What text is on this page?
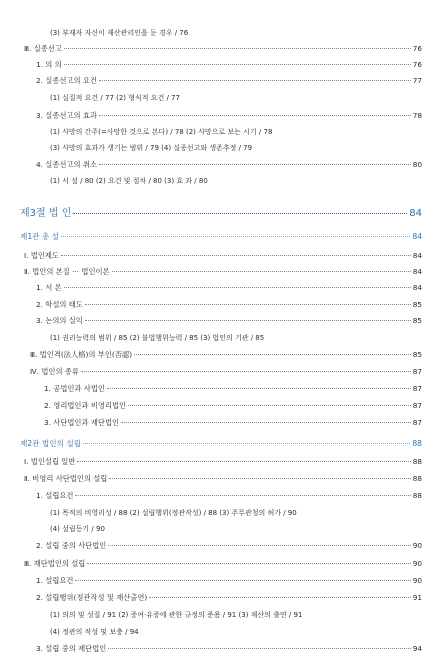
(3) 부재자 자신이 재산관리인을 둔 경우 / 76
Ⅲ. 실종선고	76
1. 의 의	76
2. 실종선고의 요건	77
(1) 실질적 요건 / 77 (2) 형식적 요건 / 77
3. 실종선고의 효과	78
(1) 사망의 간주(=사망한 것으로 본다) / 78 (2) 사망으로 보는 시기 / 78
(3) 사망의 효과가 생기는 범위 / 79 (4) 실종선고와 생존추정 / 79
4. 실종선고의 취소	80
(1) 서 설 / 80 (2) 요건 및 절차 / 80 (3) 효 과 / 80
제3절 법 인	84
제1관 총 설	84
Ⅰ. 법인제도	84
Ⅱ. 법인의 본질 ··· 법인이론	84
1. 서 론	84
2. 학설의 태도	85
3. 논의의 실익	85
(1) 권리능력의 범위 / 85 (2) 불법행위능력 / 85 (3) 법인의 기관 / 85
Ⅲ. 법인격(法人格)의 부인(否認)	85
Ⅳ. 법인의 종류	87
1. 공법인과 사법인	87
2. 영리법인과 비영리법인	87
3. 사단법인과 재단법인	87
제2관 법인의 설립	88
Ⅰ. 법인설립 일반	88
Ⅱ. 비영리 사단법인의 설립	88
1. 설립요건	88
(1) 목적의 비영리성 / 88 (2) 설립행위(정관작성) / 88 (3) 주무관청의 허가 / 90
(4) 설립등기 / 90
2. 설립 중의 사단법인	90
Ⅲ. 재단법인의 설립	90
1. 설립요건	90
2. 설립행위(정관작성 및 재산출연)	91
(1) 의의 및 성질 / 91 (2) 증여·유증에 관한 규정의 준용 / 91 (3) 재산의 출연 / 91
(4) 정관의 작성 및 보충 / 94
3. 설립 중의 재단법인	94
